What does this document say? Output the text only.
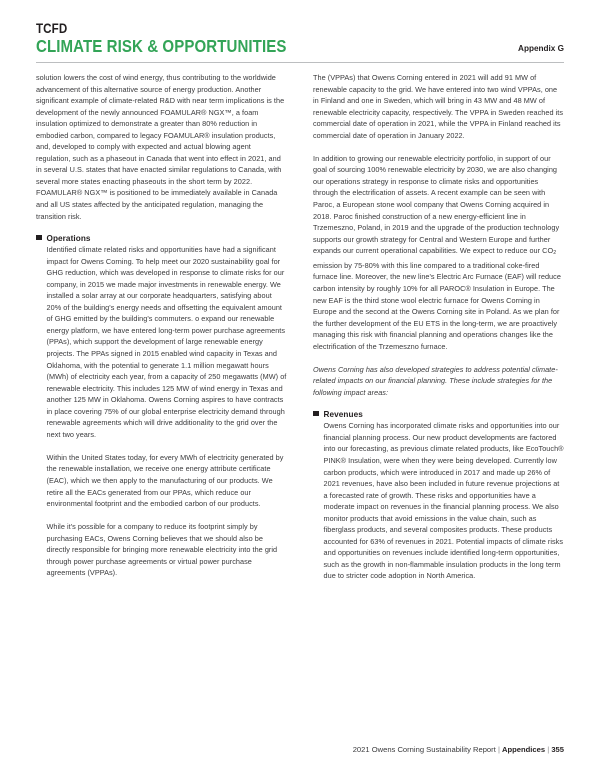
TCFD
CLIMATE RISK & OPPORTUNITIES	Appendix G

solution lowers the cost of wind energy, thus contributing to the worldwide advancement of this alternative source of energy production. Another significant example of climate-related R&D with near term implications is the development of the newly announced FOAMULAR® NGX™, a foam insulation optimized to demonstrate a greater than 80% reduction in embodied carbon, compared to legacy FOAMULAR® insulation products, and, developed to comply with expected and actual blowing agent regulation, such as a phaseout in Canada that went into effect in 2021, and in several U.S. states that have enacted similar regulations to Canada, with several more states enacting phaseouts in the short term by 2022. FOAMULAR® NGX™ is positioned to be immediately available in Canada and all US states affected by the anticipated regulation, managing the transition risk.

Operations

Identified climate related risks and opportunities have had a significant impact for Owens Corning. To help meet our 2020 sustainability goal for GHG reduction, which was developed in response to climate risks for our company, in 2015 we made major investments in renewable energy. We installed a solar array at our corporate headquarters, satisfying about 20% of the building's energy needs and offsetting the equivalent amount of GHG emitted by the building's commuters. o expand our renewable energy platform, we have entered long-term power purchase agreements (PPAs), which support the development of large renewable energy projects. The PPAs signed in 2015 enabled wind capacity in Texas and Oklahoma, with the potential to generate 1.1 million megawatt hours (MWh) of electricity each year, from a capacity of 250 megawatts (MW) of renewable electricity. This includes 125 MW of wind energy in Texas and another 125 MW in Oklahoma. Owens Corning aspires to have contracts in place covering 75% of our global enterprise electricity demand through renewable agreements which will drive additionality to the grid over the next two years.

Within the United States today, for every MWh of electricity generated by the renewable installation, we receive one energy attribute certificate (EAC), which we then apply to the manufacturing of our products. We retire all the EACs generated from our PPAs, which reduce our environmental footprint and the embodied carbon of our products.

While it's possible for a company to reduce its footprint simply by purchasing EACs, Owens Corning believes that we should also be directly responsible for bringing more renewable electricity into the grid through power purchase agreements or virtual power purchase agreements (VPPAs).

The (VPPAs) that Owens Corning entered in 2021 will add 91 MW of renewable capacity to the grid. We have entered into two wind VPPAs, one in Finland and one in Sweden, which will bring in 43 MW and 48 MW of renewable electricity capacity, respectively. The VPPA in Sweden reached its commercial date of operation in 2021, while the VPPA in Finland reached its commercial date of operation in January 2022.

In addition to growing our renewable electricity portfolio, in support of our goal of sourcing 100% renewable electricity by 2030, we are also changing our operations strategy in response to climate risks and opportunities through the electrification of assets. A recent example can be seen with Paroc, a European stone wool company that Owens Corning acquired in 2018. Paroc finished construction of a new energy-efficient line in Trzemeszno, Poland, in 2019 and the upgrade of the production technology supports our growth strategy for Central and Western Europe and further expands our current operational capabilities. We expect to reduce our $CO_2$ emission by 75-80% with this line compared to a traditional coke-fired furnace line. Moreover, the new line's Electric Arc Furnace (EAF) will reduce carbon intensity by roughly 10% for all PAROC® Insulation in Europe. The new EAF is the third stone wool electric furnace for Owens Corning in Europe and the second at the Owens Corning site in Poland. As we plan for the further development of the EU ETS in the long-term, we are proactively managing this risk with financial planning and operations changes like the electrification of the Trzemeszno furnace.

Owens Corning has also developed strategies to address potential climate-related impacts on our financial planning. These include strategies for the following impact areas:

Revenues

Owens Corning has incorporated climate risks and opportunities into our financial planning process. Our new product developments are factored into our forecasting, as previous climate related products, like EcoTouch® PINK® Insulation, were when they were being developed. Currently low carbon products, which were introduced in 2017 and made up 26% of 2021 revenues, have also been included in future revenue projections at a forecasted rate of growth. These risks and opportunities have a moderate impact on revenues in the financial planning process. We also monitor products that avoid emissions in the value chain, such as fiberglass products, and several composites products. These products accounted for 63% of revenues in 2021. Potential impacts of climate risks and opportunities on revenues include identified long-term opportunities, such as the growth in non-flammable insulation products in the long term due to stricter code adoption in North America.

2021 Owens Corning Sustainability Report | Appendices | 355
